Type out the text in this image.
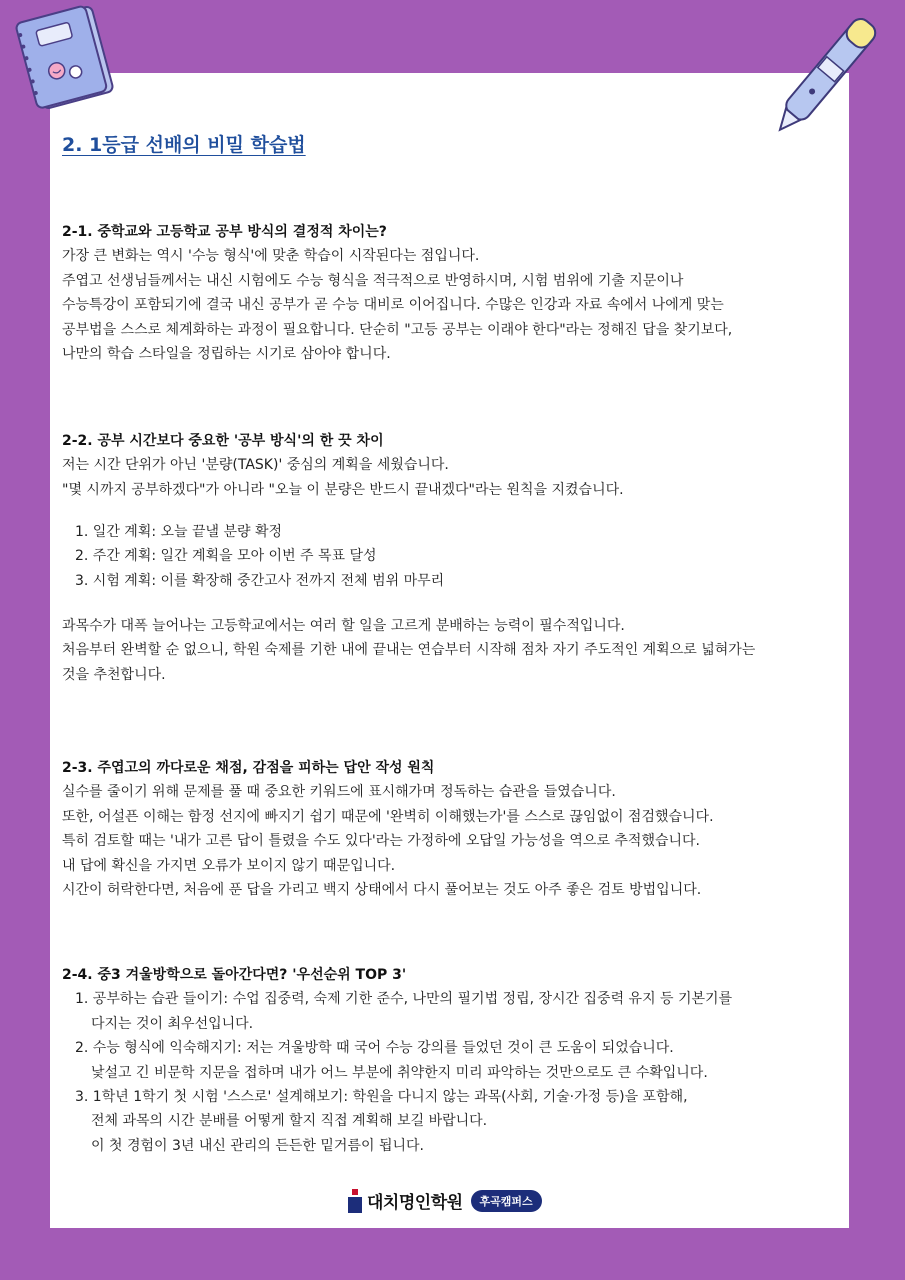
2. 1등급 선배의 비밀 학습법
2-1. 중학교와 고등학교 공부 방식의 결정적 차이는?
가장 큰 변화는 역시 '수능 형식'에 맞춘 학습이 시작된다는 점입니다.
주엽고 선생님들께서는 내신 시험에도 수능 형식을 적극적으로 반영하시며, 시험 범위에 기출 지문이나
수능특강이 포함되기에 결국 내신 공부가 곧 수능 대비로 이어집니다. 수많은 인강과 자료 속에서 나에게 맞는
공부법을 스스로 체계화하는 과정이 필요합니다. 단순히 "고등 공부는 이래야 한다"라는 정해진 답을 찾기보다,
나만의 학습 스타일을 정립하는 시기로 삼아야 합니다.
2-2. 공부 시간보다 중요한 '공부 방식'의 한 끗 차이
저는 시간 단위가 아닌 '분량(TASK)' 중심의 계획을 세웠습니다.
"몇 시까지 공부하겠다"가 아니라 "오늘 이 분량은 반드시 끝내겠다"라는 원칙을 지켰습니다.
1. 일간 계획: 오늘 끝낼 분량 확정
2. 주간 계획: 일간 계획을 모아 이번 주 목표 달성
3. 시험 계획: 이를 확장해 중간고사 전까지 전체 범위 마무리
과목수가 대폭 늘어나는 고등학교에서는 여러 할 일을 고르게 분배하는 능력이 필수적입니다.
처음부터 완벽할 순 없으니, 학원 숙제를 기한 내에 끝내는 연습부터 시작해 점차 자기 주도적인 계획으로 넓혀가는
것을 추천합니다.
2-3. 주엽고의 까다로운 채점, 감점을 피하는 답안 작성 원칙
실수를 줄이기 위해 문제를 풀 때 중요한 키워드에 표시해가며 정독하는 습관을 들였습니다.
또한, 어설픈 이해는 함정 선지에 빠지기 쉽기 때문에 '완벽히 이해했는가'를 스스로 끊임없이 점검했습니다.
특히 검토할 때는 '내가 고른 답이 틀렸을 수도 있다'라는 가정하에 오답일 가능성을 역으로 추적했습니다.
내 답에 확신을 가지면 오류가 보이지 않기 때문입니다.
시간이 허락한다면, 처음에 푼 답을 가리고 백지 상태에서 다시 풀어보는 것도 아주 좋은 검토 방법입니다.
2-4. 중3 겨울방학으로 돌아간다면? '우선순위 TOP 3'
1. 공부하는 습관 들이기: 수업 집중력, 숙제 기한 준수, 나만의 필기법 정립, 장시간 집중력 유지 등 기본기를
다지는 것이 최우선입니다.
2. 수능 형식에 익숙해지기: 저는 겨울방학 때 국어 수능 강의를 들었던 것이 큰 도움이 되었습니다.
낯설고 긴 비문학 지문을 접하며 내가 어느 부분에 취약한지 미리 파악하는 것만으로도 큰 수확입니다.
3. 1학년 1학기 첫 시험 '스스로' 설계해보기: 학원을 다니지 않는 과목(사회, 기술·가정 등)을 포함해,
전체 과목의 시간 분배를 어떻게 할지 직접 계획해 보길 바랍니다.
이 첫 경험이 3년 내신 관리의 든든한 밑거름이 됩니다.
대치명인학원	후곡캠퍼스
